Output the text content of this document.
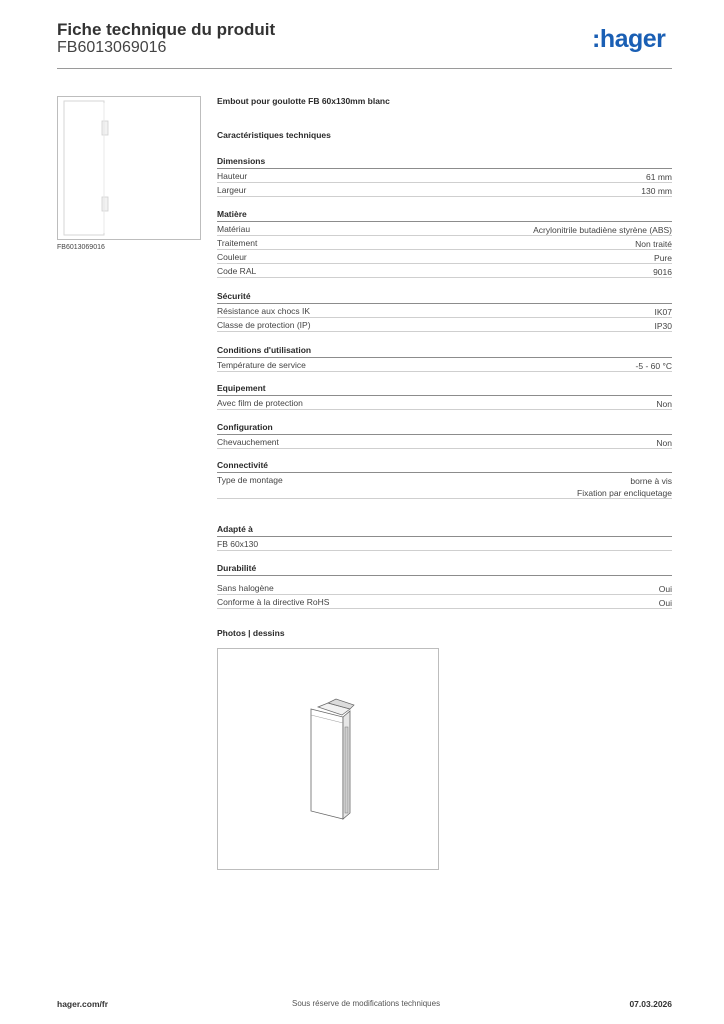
Fiche technique du produit
FB6013069016	:hager
FB6013069016
Embout pour goulotte FB 60x130mm blanc
Caractéristiques techniques
Dimensions
Hauteur	61 mm
Largeur	130 mm
Matière
Matériau	Acrylonitrile butadiène styrène (ABS)
Traitement	Non traité
Couleur	Pure
Code RAL	9016
Sécurité
Résistance aux chocs IK	IK07
Classe de protection (IP)	IP30
Conditions d'utilisation
Température de service	-5 - 60 °C
Equipement
Avec film de protection	Non
Configuration
Chevauchement	Non
Connectivité
Type de montage	borne à vis
Fixation par encliquetage
Adapté à
FB 60x130
Durabilité
Sans halogène	Oui
Conforme à la directive RoHS	Oui
Photos | dessins
hager.com/fr	Sous réserve de modifications techniques	07.03.2026
